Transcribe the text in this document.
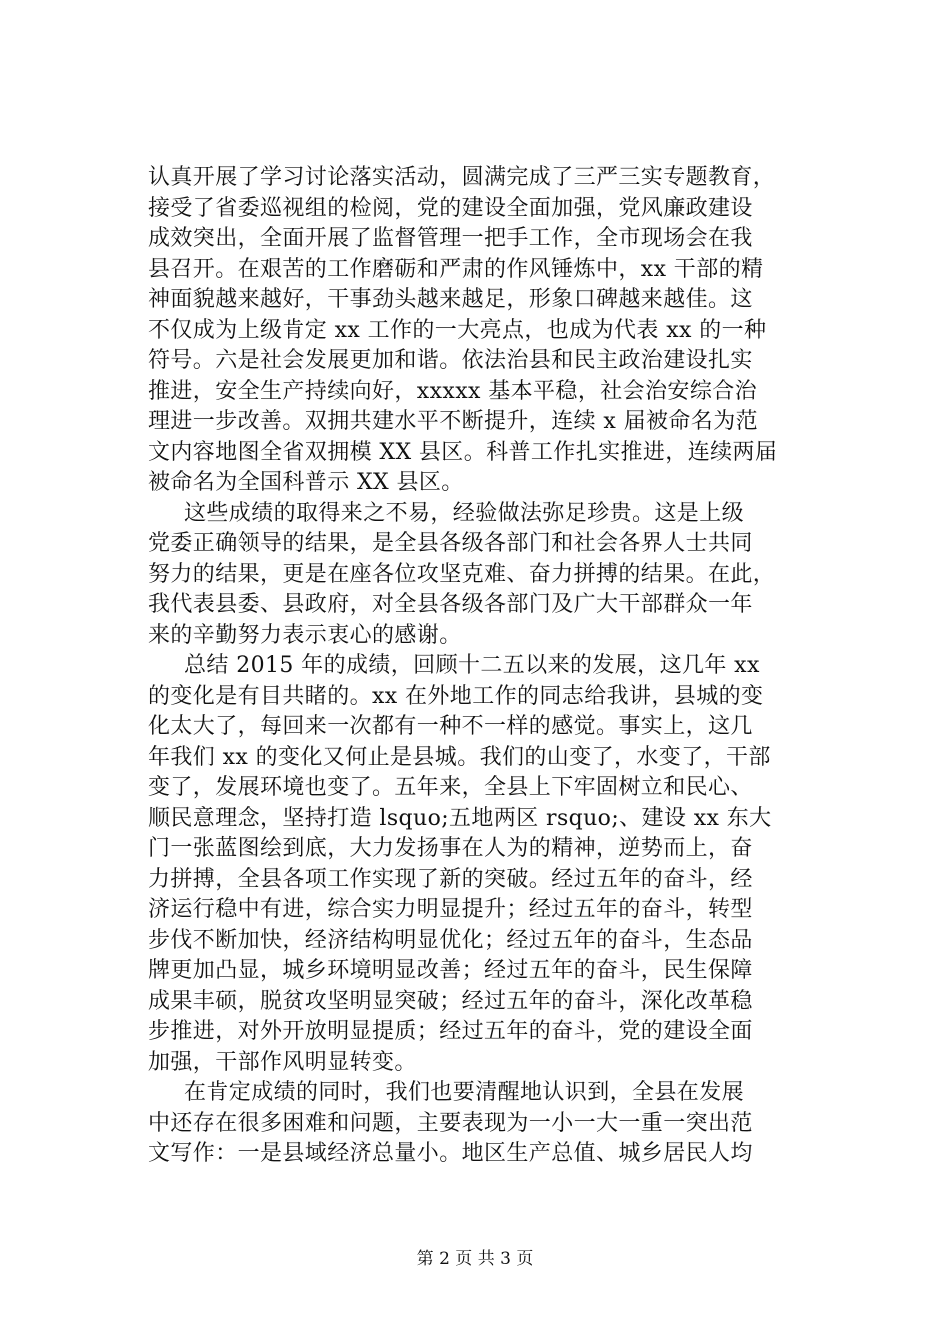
认真开展了学习讨论落实活动，圆满完成了三严三实专题教育，
接受了省委巡视组的检阅，党的建设全面加强，党风廉政建设
成效突出，全面开展了监督管理一把手工作，全市现场会在我
县召开。在艰苦的工作磨砺和严肃的作风锤炼中，xx 干部的精
神面貌越来越好，干事劲头越来越足，形象口碑越来越佳。这
不仅成为上级肯定 xx 工作的一大亮点，也成为代表 xx 的一种
符号。六是社会发展更加和谐。依法治县和民主政治建设扎实
推进，安全生产持续向好，xxxxx 基本平稳，社会治安综合治
理进一步改善。双拥共建水平不断提升，连续 x 届被命名为范
文内容地图全省双拥模 XX 县区。科普工作扎实推进，连续两届
被命名为全国科普示 XX 县区。
这些成绩的取得来之不易，经验做法弥足珍贵。这是上级
党委正确领导的结果，是全县各级各部门和社会各界人士共同
努力的结果，更是在座各位攻坚克难、奋力拼搏的结果。在此，
我代表县委、县政府，对全县各级各部门及广大干部群众一年
来的辛勤努力表示衷心的感谢。
总结 2015 年的成绩，回顾十二五以来的发展，这几年 xx
的变化是有目共睹的。xx 在外地工作的同志给我讲，县城的变
化太大了，每回来一次都有一种不一样的感觉。事实上，这几
年我们 xx 的变化又何止是县城。我们的山变了，水变了，干部
变了，发展环境也变了。五年来，全县上下牢固树立和民心、
顺民意理念，坚持打造 lsquo;五地两区 rsquo;、建设 xx 东大
门一张蓝图绘到底，大力发扬事在人为的精神，逆势而上，奋
力拼搏，全县各项工作实现了新的突破。经过五年的奋斗，经
济运行稳中有进，综合实力明显提升；经过五年的奋斗，转型
步伐不断加快，经济结构明显优化；经过五年的奋斗，生态品
牌更加凸显，城乡环境明显改善；经过五年的奋斗，民生保障
成果丰硕，脱贫攻坚明显突破；经过五年的奋斗，深化改革稳
步推进，对外开放明显提质；经过五年的奋斗，党的建设全面
加强，干部作风明显转变。
在肯定成绩的同时，我们也要清醒地认识到，全县在发展
中还存在很多困难和问题，主要表现为一小一大一重一突出范
文写作：一是县域经济总量小。地区生产总值、城乡居民人均
第 2 页 共 3 页
